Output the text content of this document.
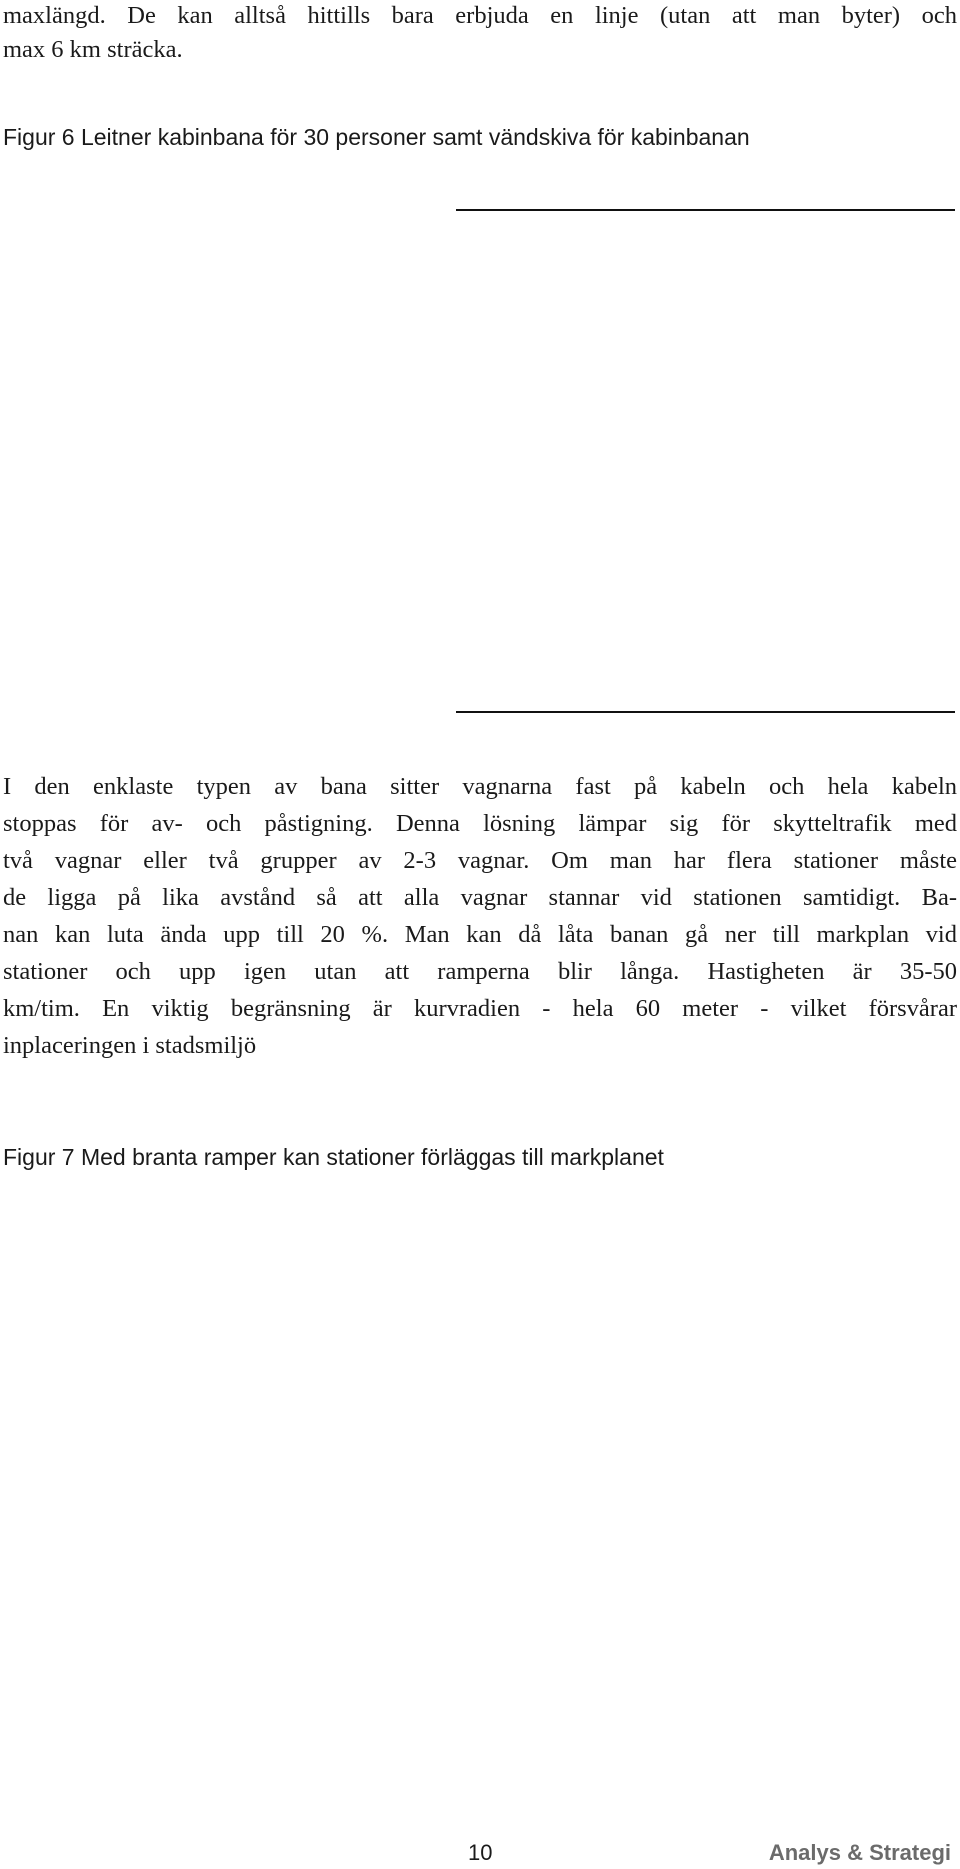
maxlängd. De kan alltså hittills bara erbjuda en linje (utan att man byter) och
max 6 km sträcka.
Figur 6 Leitner kabinbana för 30 personer samt vändskiva för kabinbanan
I den enklaste typen av bana sitter vagnarna fast på kabeln och hela kabeln
stoppas för av- och påstigning. Denna lösning lämpar sig för skytteltrafik med
två vagnar eller två grupper av 2-3 vagnar. Om man har flera stationer måste
de ligga på lika avstånd så att alla vagnar stannar vid stationen samtidigt. Ba-
nan kan luta ända upp till 20 %. Man kan då låta banan gå ner till markplan vid
stationer och upp igen utan att ramperna blir långa. Hastigheten är 35-50
km/tim. En viktig begränsning är kurvradien - hela 60 meter - vilket försvårar
inplaceringen i stadsmiljö
Figur 7 Med branta ramper kan stationer förläggas till markplanet
10	Analys & Strategi
